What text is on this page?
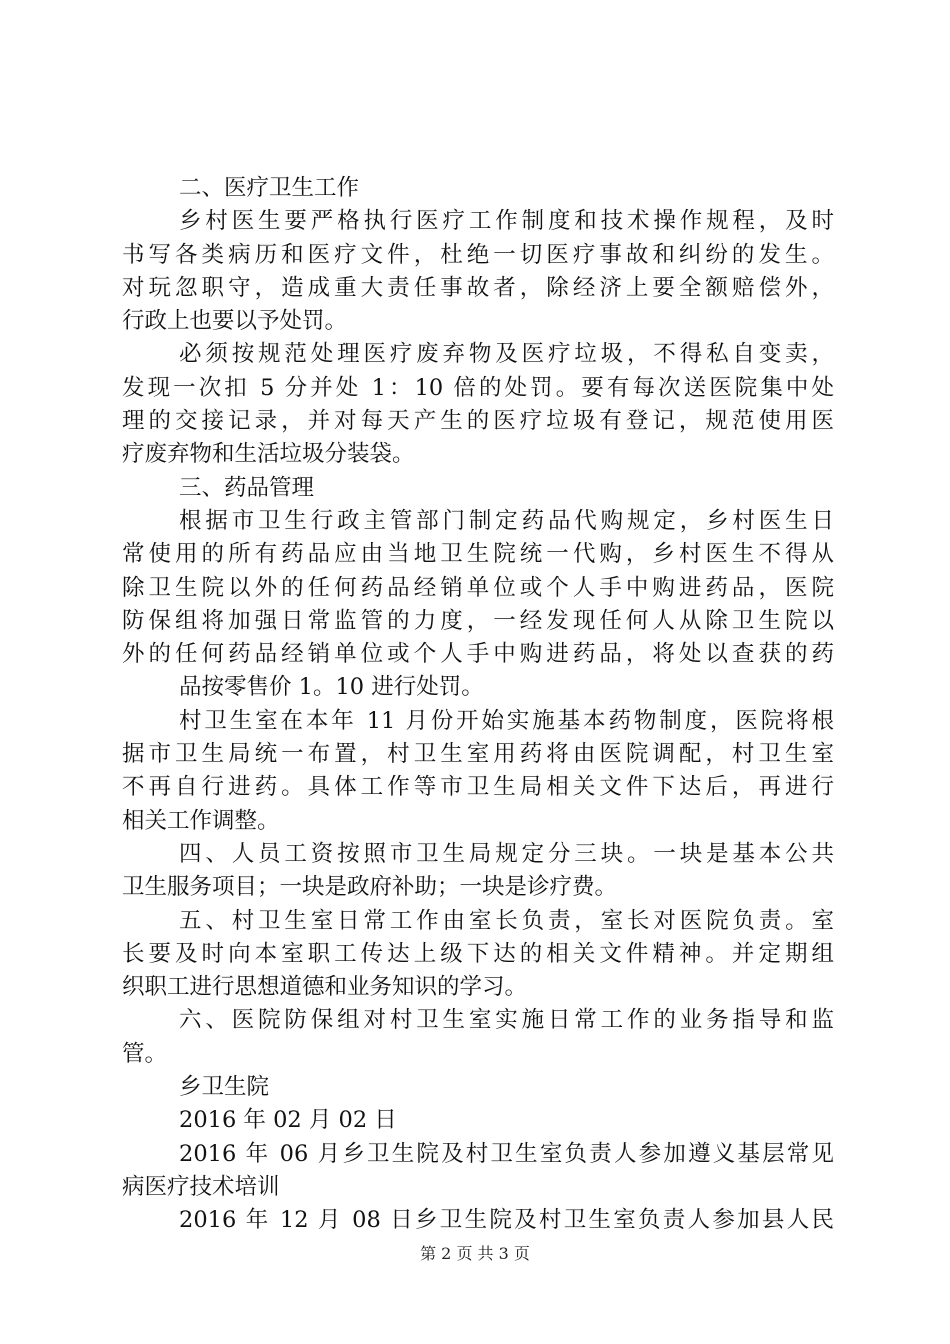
二、医疗卫生工作
乡村医生要严格执行医疗工作制度和技术操作规程，及时
书写各类病历和医疗文件，杜绝一切医疗事故和纠纷的发生。
对玩忽职守，造成重大责任事故者，除经济上要全额赔偿外，
行政上也要以予处罚。
必须按规范处理医疗废弃物及医疗垃圾，不得私自变卖，
发现一次扣 5 分并处 1：10 倍的处罚。要有每次送医院集中处
理的交接记录，并对每天产生的医疗垃圾有登记，规范使用医
疗废弃物和生活垃圾分装袋。
三、药品管理
根据市卫生行政主管部门制定药品代购规定，乡村医生日
常使用的所有药品应由当地卫生院统一代购，乡村医生不得从
除卫生院以外的任何药品经销单位或个人手中购进药品，医院
防保组将加强日常监管的力度，一经发现任何人从除卫生院以
外的任何药品经销单位或个人手中购进药品，将处以查获的药
品按零售价 1。10 进行处罚。
村卫生室在本年 11 月份开始实施基本药物制度，医院将根
据市卫生局统一布置，村卫生室用药将由医院调配，村卫生室
不再自行进药。具体工作等市卫生局相关文件下达后，再进行
相关工作调整。
四、人员工资按照市卫生局规定分三块。一块是基本公共
卫生服务项目；一块是政府补助；一块是诊疗费。
五、村卫生室日常工作由室长负责，室长对医院负责。室
长要及时向本室职工传达上级下达的相关文件精神。并定期组
织职工进行思想道德和业务知识的学习。
六、医院防保组对村卫生室实施日常工作的业务指导和监
管。
乡卫生院
2016 年 02 月 02 日
2016 年 06 月乡卫生院及村卫生室负责人参加遵义基层常见
病医疗技术培训
2016 年 12 月 08 日乡卫生院及村卫生室负责人参加县人民
第 2 页 共 3 页
